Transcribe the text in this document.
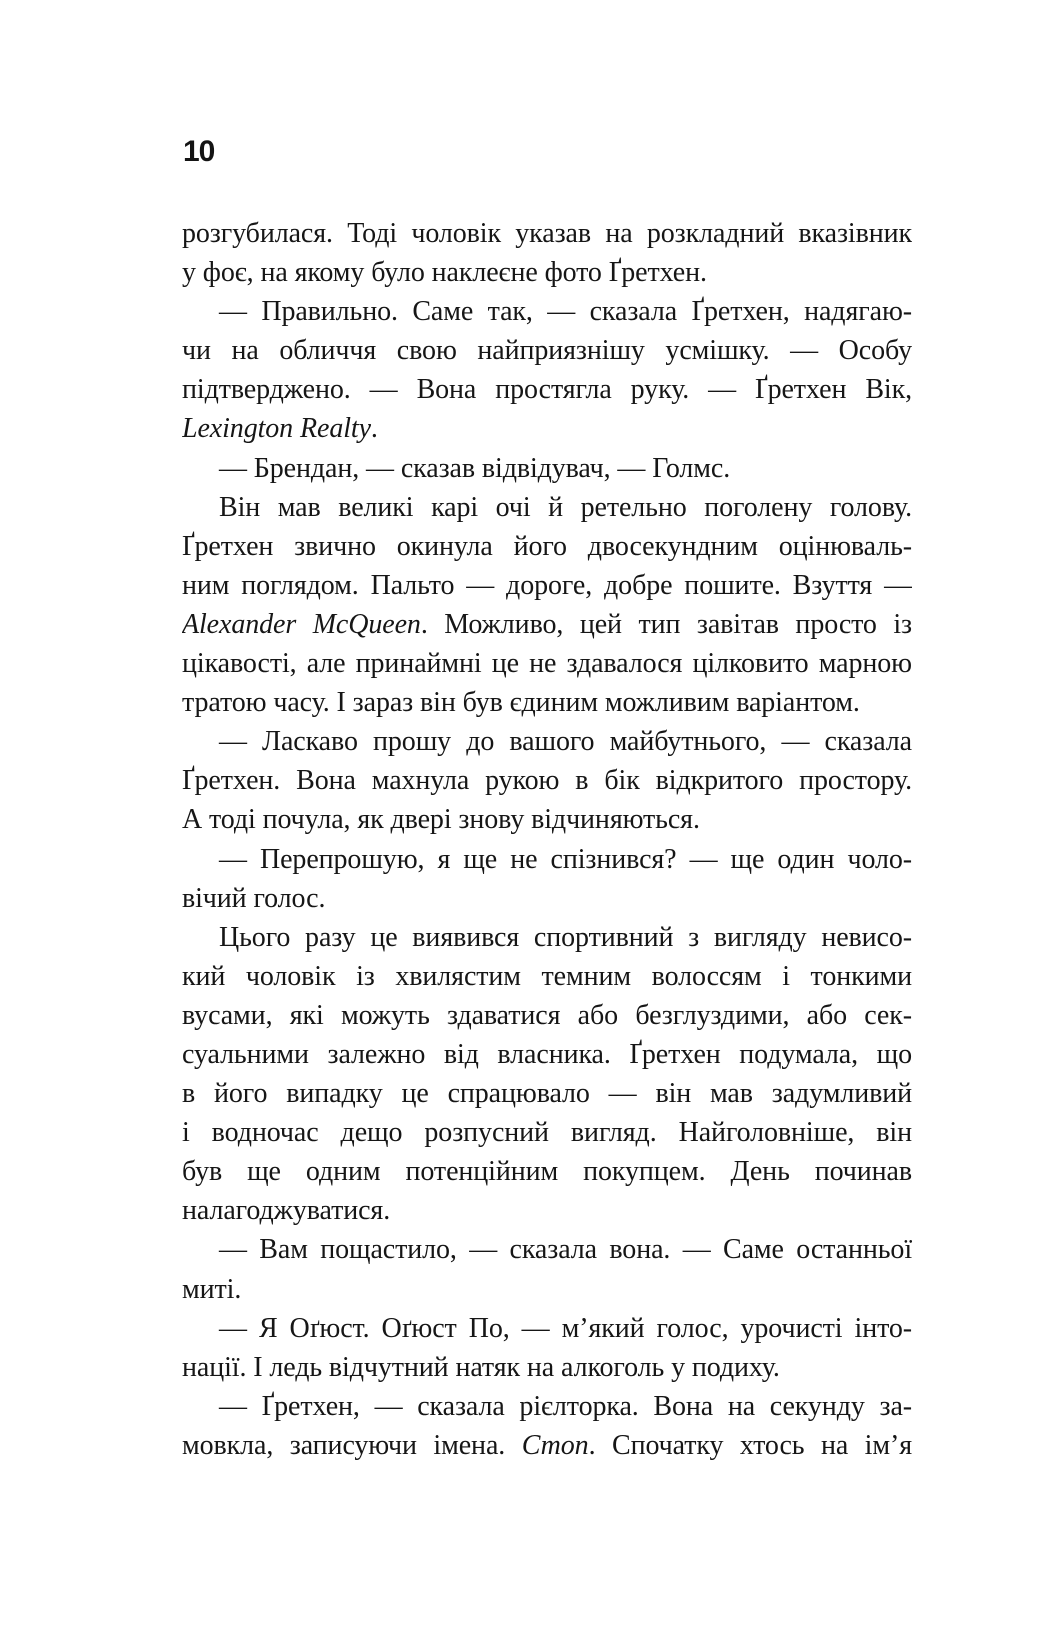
10
розгубилася. Тоді чоловік указав на розкладний вказівник
у фоє, на якому було наклеєне фото Ґретхен.
— Правильно. Саме так, — сказала Ґретхен, надягаю-
чи на обличчя свою найприязнішу усмішку. — Особу
підтверджено. — Вона простягла руку. — Ґретхен Вік,
Lexington Realty.
— Брендан, — сказав відвідувач, — Голмс.
Він мав великі карі очі й ретельно поголену голову.
Ґретхен звично окинула його двосекундним оцінюваль-
ним поглядом. Пальто — дороге, добре пошите. Взуття —
Alexander McQueen. Можливо, цей тип завітав просто із
цікавості, але принаймні це не здавалося цілковито марною
тратою часу. І зараз він був єдиним можливим варіантом.
— Ласкаво прошу до вашого майбутнього, — сказала
Ґретхен. Вона махнула рукою в бік відкритого простору.
А тоді почула, як двері знову відчиняються.
— Перепрошую, я ще не спізнився? — ще один чоло-
вічий голос.
Цього разу це виявився спортивний з вигляду невисо-
кий чоловік із хвилястим темним волоссям і тонкими
вусами, які можуть здаватися або безглуздими, або сек-
суальними залежно від власника. Ґретхен подумала, що
в його випадку це спрацювало — він мав задумливий
і водночас дещо розпусний вигляд. Найголовніше, він
був ще одним потенційним покупцем. День починав
налагоджуватися.
— Вам пощастило, — сказала вона. — Саме останньої
миті.
— Я Оґюст. Оґюст По, — м’який голос, урочисті інто-
нації. І ледь відчутний натяк на алкоголь у подиху.
— Ґретхен, — сказала рієлторка. Вона на секунду за-
мовкла, записуючи імена. Стоп. Спочатку хтось на ім’я
